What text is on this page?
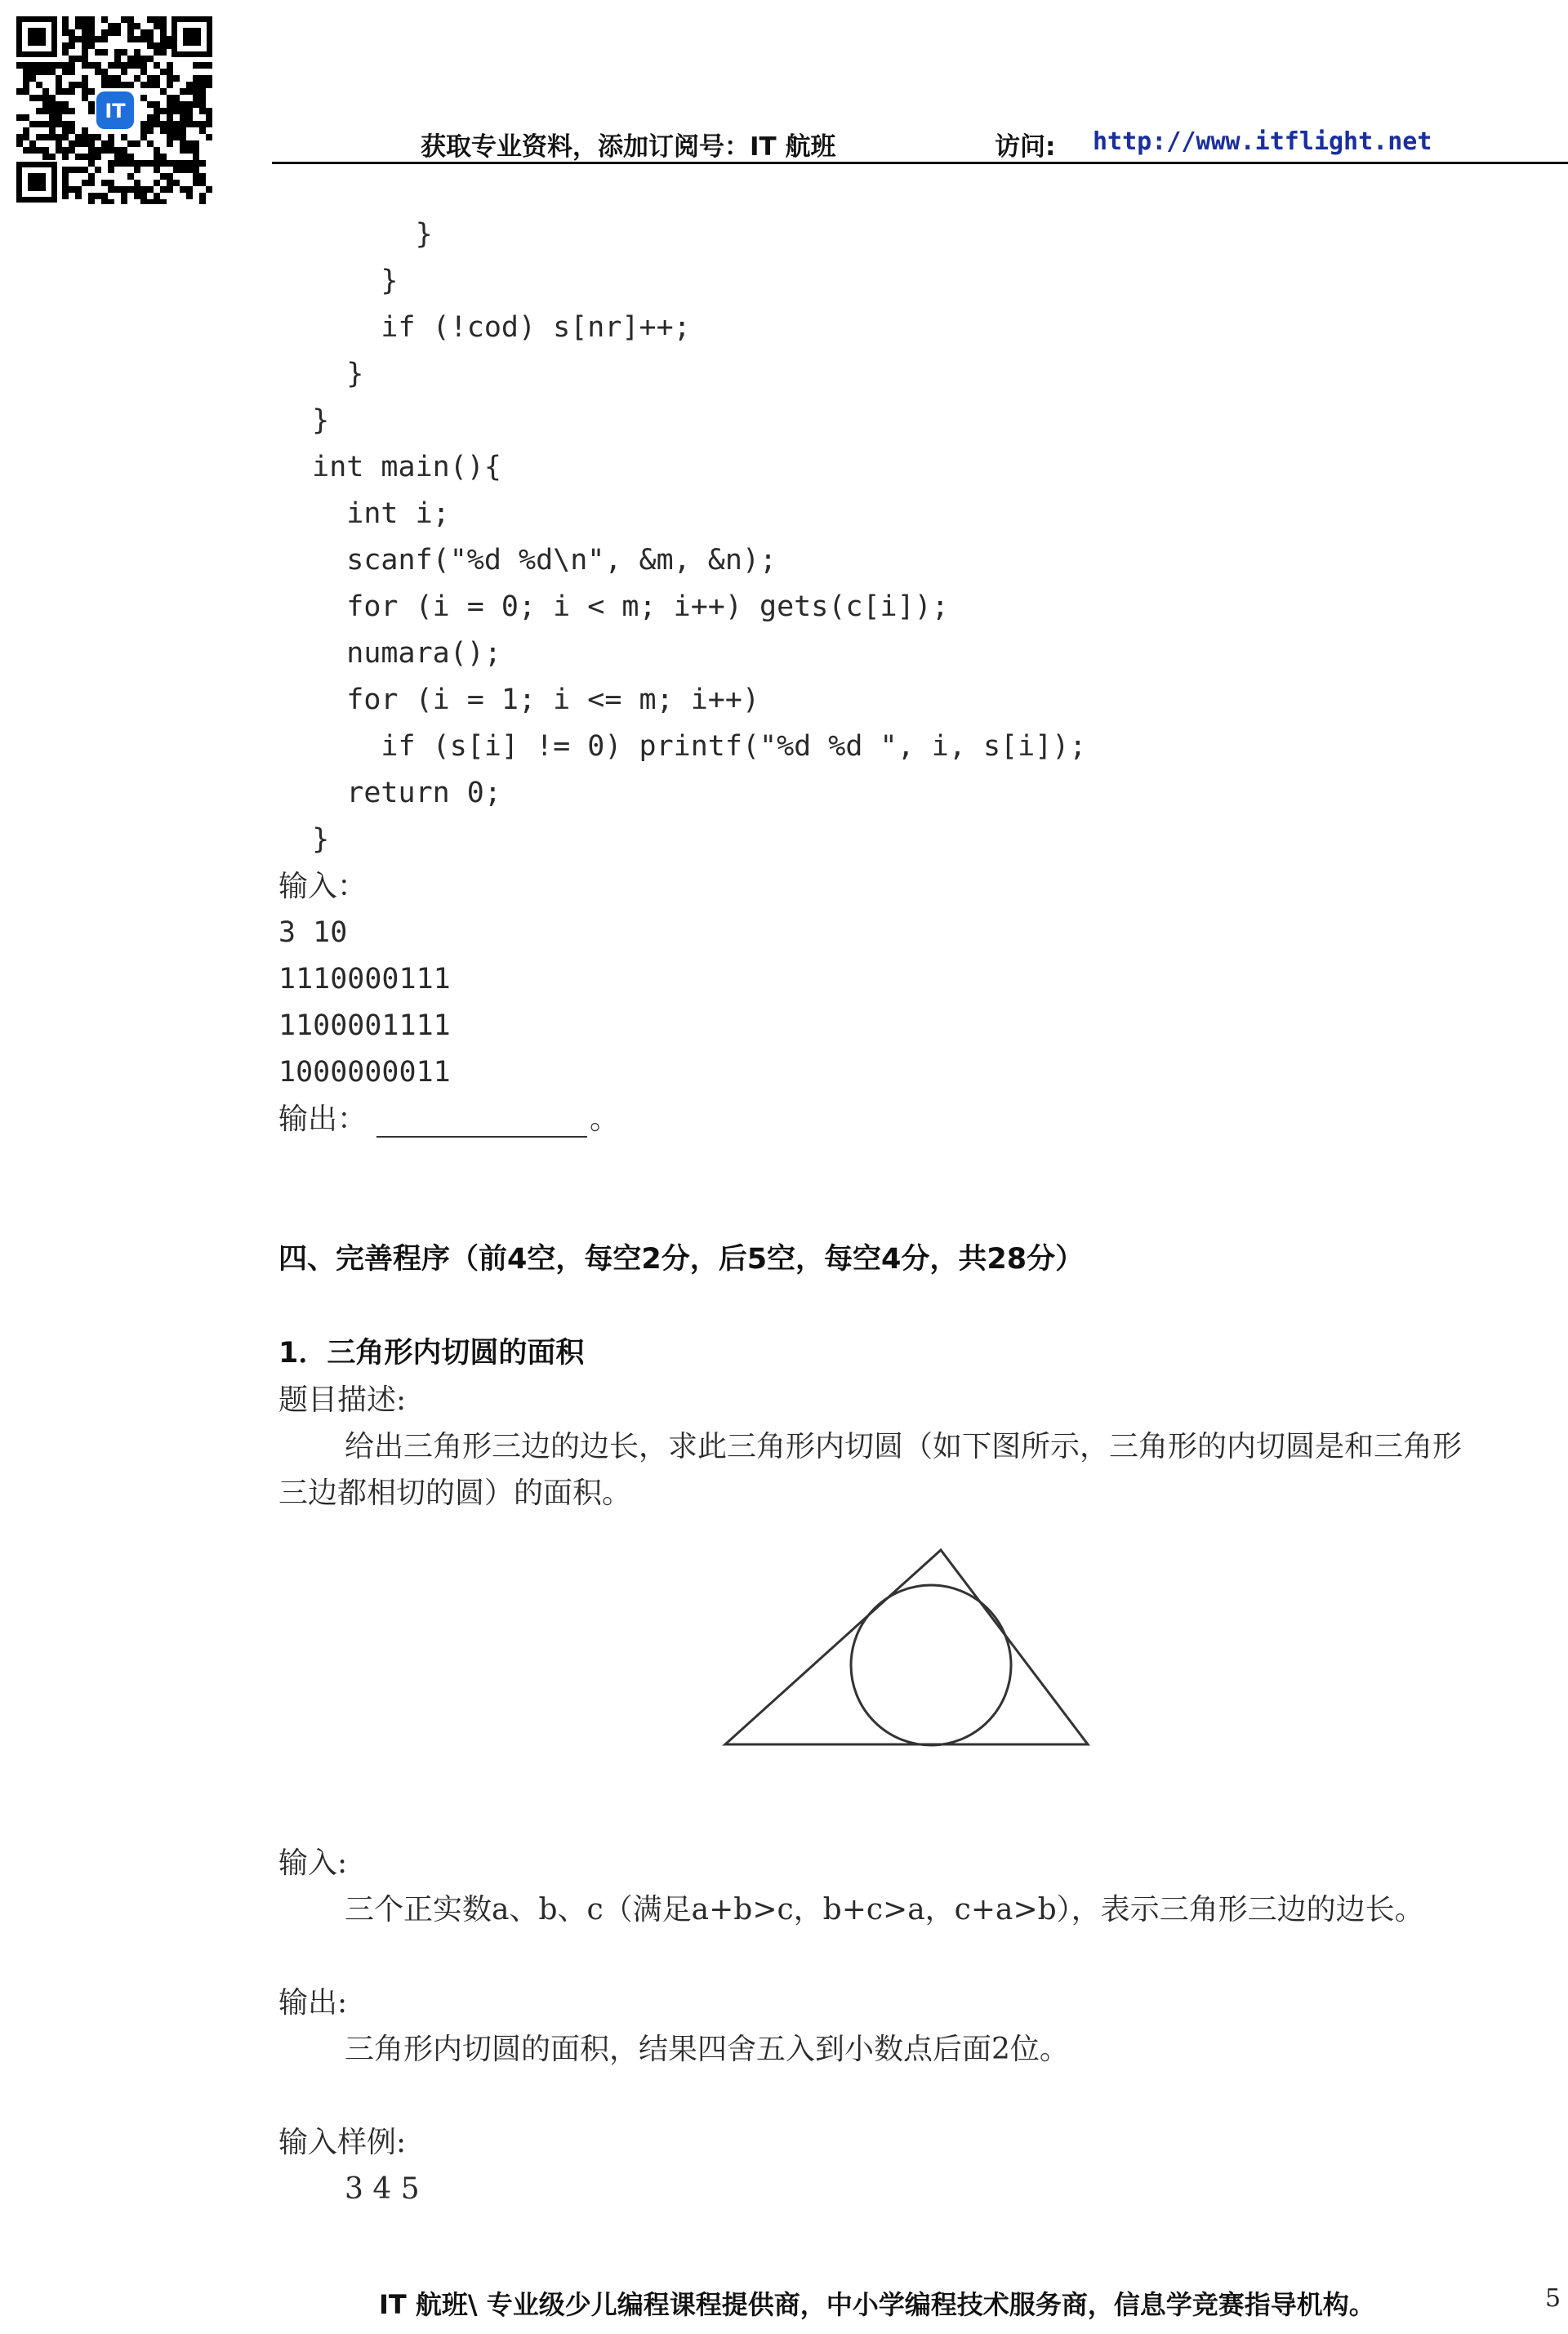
IT
获取专业资料，添加订阅号：IT 航班	访问: http://www.itflight.net
}
}
if (!cod) s[nr]++;
}
}
int main(){
int i;
scanf("%d %d\n", &m, &n);
for (i = 0; i < m; i++) gets(c[i]);
numara();
for (i = 1; i <= m; i++)
if (s[i] != 0) printf("%d %d ", i, s[i]);
return 0;
}
输入：
3 10
1110000111
1100001111
1000000011
输出：	。
四、完善程序（前4空，每空2分，后5空，每空4分，共28分）
1．三角形内切圆的面积
题目描述:
给出三角形三边的边长，求此三角形内切圆（如下图所示，三角形的内切圆是和三角形
三边都相切的圆）的面积。
输入:
三个正实数a、b、c（满足a+b>c，b+c>a，c+a>b），表示三角形三边的边长。
输出:
三角形内切圆的面积，结果四舍五入到小数点后面2位。
输入样例:
3 4 5
IT 航班\ 专业级少儿编程课程提供商，中小学编程技术服务商，信息学竞赛指导机构。	5
